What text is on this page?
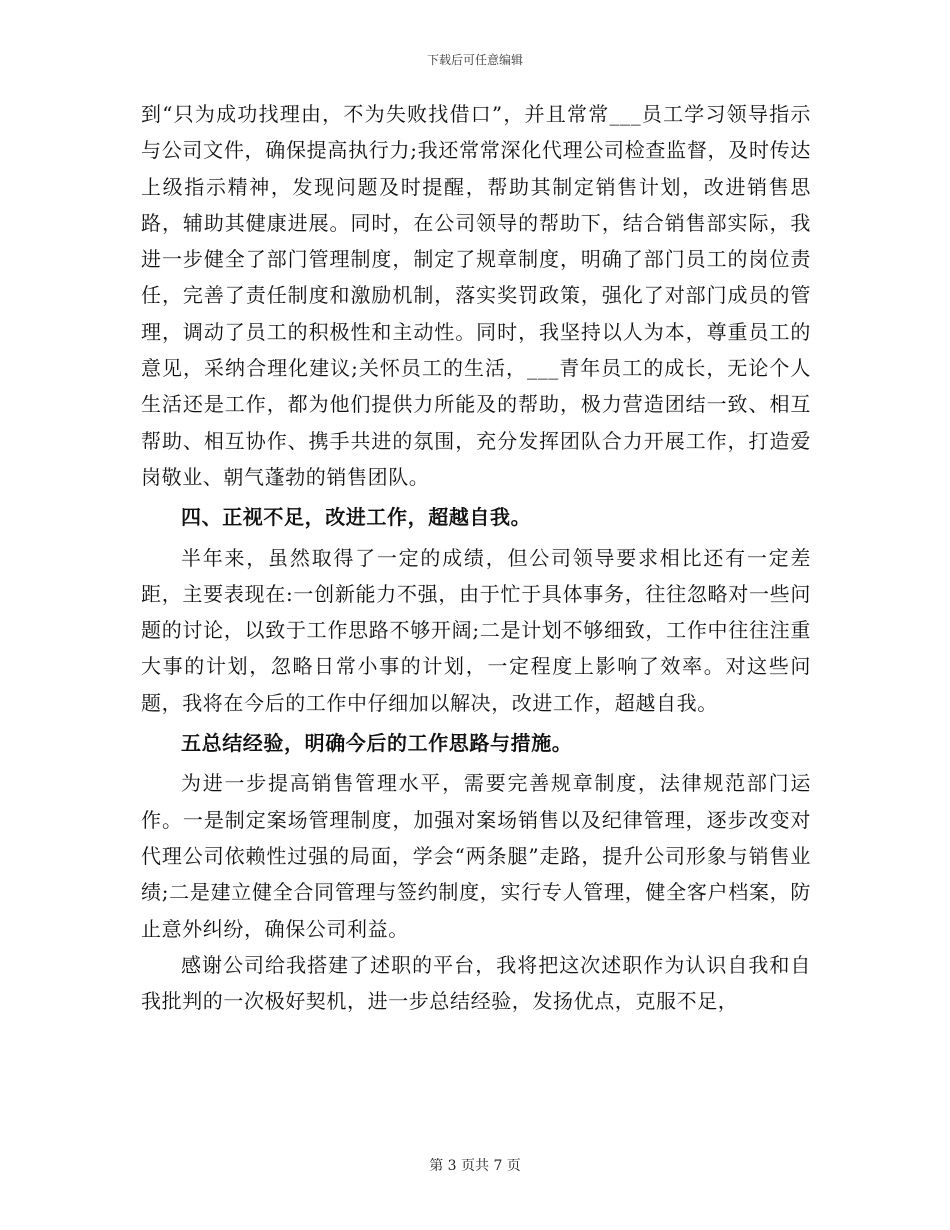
下载后可任意编辑

到“只为成功找理由，不为失败找借口”，并且常常___员工学习领导指示与公司文件，确保提高执行力;我还常常深化代理公司检查监督，及时传达上级指示精神，发现问题及时提醒，帮助其制定销售计划，改进销售思路，辅助其健康进展。同时，在公司领导的帮助下，结合销售部实际，我进一步健全了部门管理制度，制定了规章制度，明确了部门员工的岗位责任，完善了责任制度和激励机制，落实奖罚政策，强化了对部门成员的管理，调动了员工的积极性和主动性。同时，我坚持以人为本，尊重员工的意见，采纳合理化建议;关怀员工的生活，___青年员工的成长，无论个人生活还是工作，都为他们提供力所能及的帮助，极力营造团结一致、相互帮助、相互协作、携手共进的氛围，充分发挥团队合力开展工作，打造爱岗敬业、朝气蓬勃的销售团队。

四、正视不足，改进工作，超越自我。

半年来，虽然取得了一定的成绩，但公司领导要求相比还有一定差距，主要表现在:一创新能力不强，由于忙于具体事务，往往忽略对一些问题的讨论，以致于工作思路不够开阔;二是计划不够细致，工作中往往注重大事的计划，忽略日常小事的计划，一定程度上影响了效率。对这些问题，我将在今后的工作中仔细加以解决，改进工作，超越自我。

五总结经验，明确今后的工作思路与措施。

为进一步提高销售管理水平，需要完善规章制度，法律规范部门运作。一是制定案场管理制度，加强对案场销售以及纪律管理，逐步改变对代理公司依赖性过强的局面，学会“两条腿”走路，提升公司形象与销售业绩;二是建立健全合同管理与签约制度，实行专人管理，健全客户档案，防止意外纠纷，确保公司利益。

感谢公司给我搭建了述职的平台，我将把这次述职作为认识自我和自我批判的一次极好契机，进一步总结经验，发扬优点，克服不足，

第 3 页共 7 页
